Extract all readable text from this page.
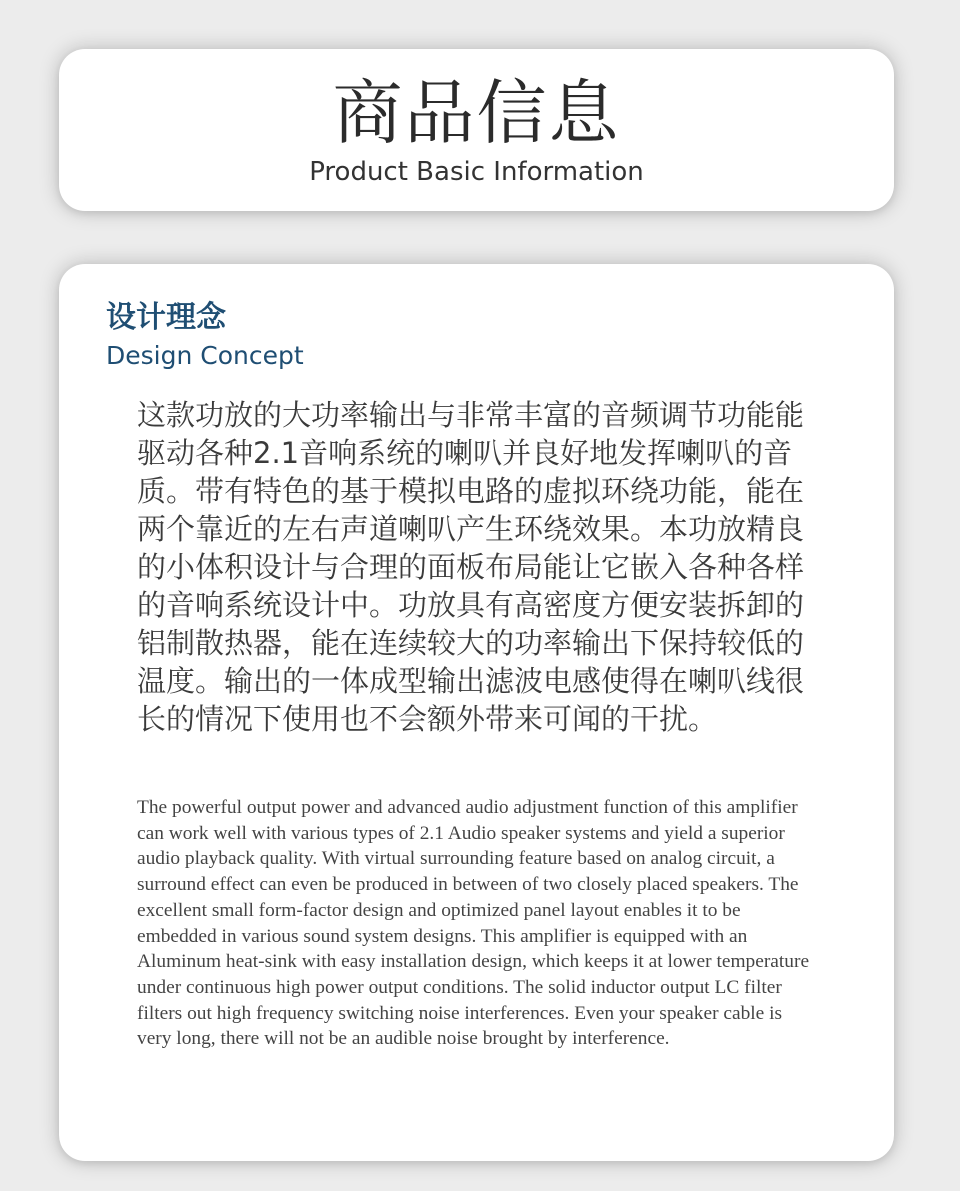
商品信息
Product Basic Information
设计理念
Design Concept

这款功放的大功率输出与非常丰富的音频调节功能能驱动各种2.1音响系统的喇叭并良好地发挥喇叭的音质。带有特色的基于模拟电路的虚拟环绕功能，能在两个靠近的左右声道喇叭产生环绕效果。本功放精良的小体积设计与合理的面板布局能让它嵌入各种各样的音响系统设计中。功放具有高密度方便安装拆卸的铝制散热器，能在连续较大的功率输出下保持较低的温度。输出的一体成型输出滤波电感使得在喇叭线很长的情况下使用也不会额外带来可闻的干扰。

The powerful output power and advanced audio adjustment function of this amplifier can work well with various types of 2.1 Audio speaker systems and yield a superior audio playback quality. With virtual surrounding feature based on analog circuit, a surround effect can even be produced in between of two closely placed speakers. The excellent small form-factor design and optimized panel layout enables it to be embedded in various sound system designs. This amplifier is equipped with an Aluminum heat-sink with easy installation design, which keeps it at lower temperature under continuous high power output conditions. The solid inductor output LC filter filters out high frequency switching noise interferences. Even your speaker cable is very long, there will not be an audible noise brought by interference.
